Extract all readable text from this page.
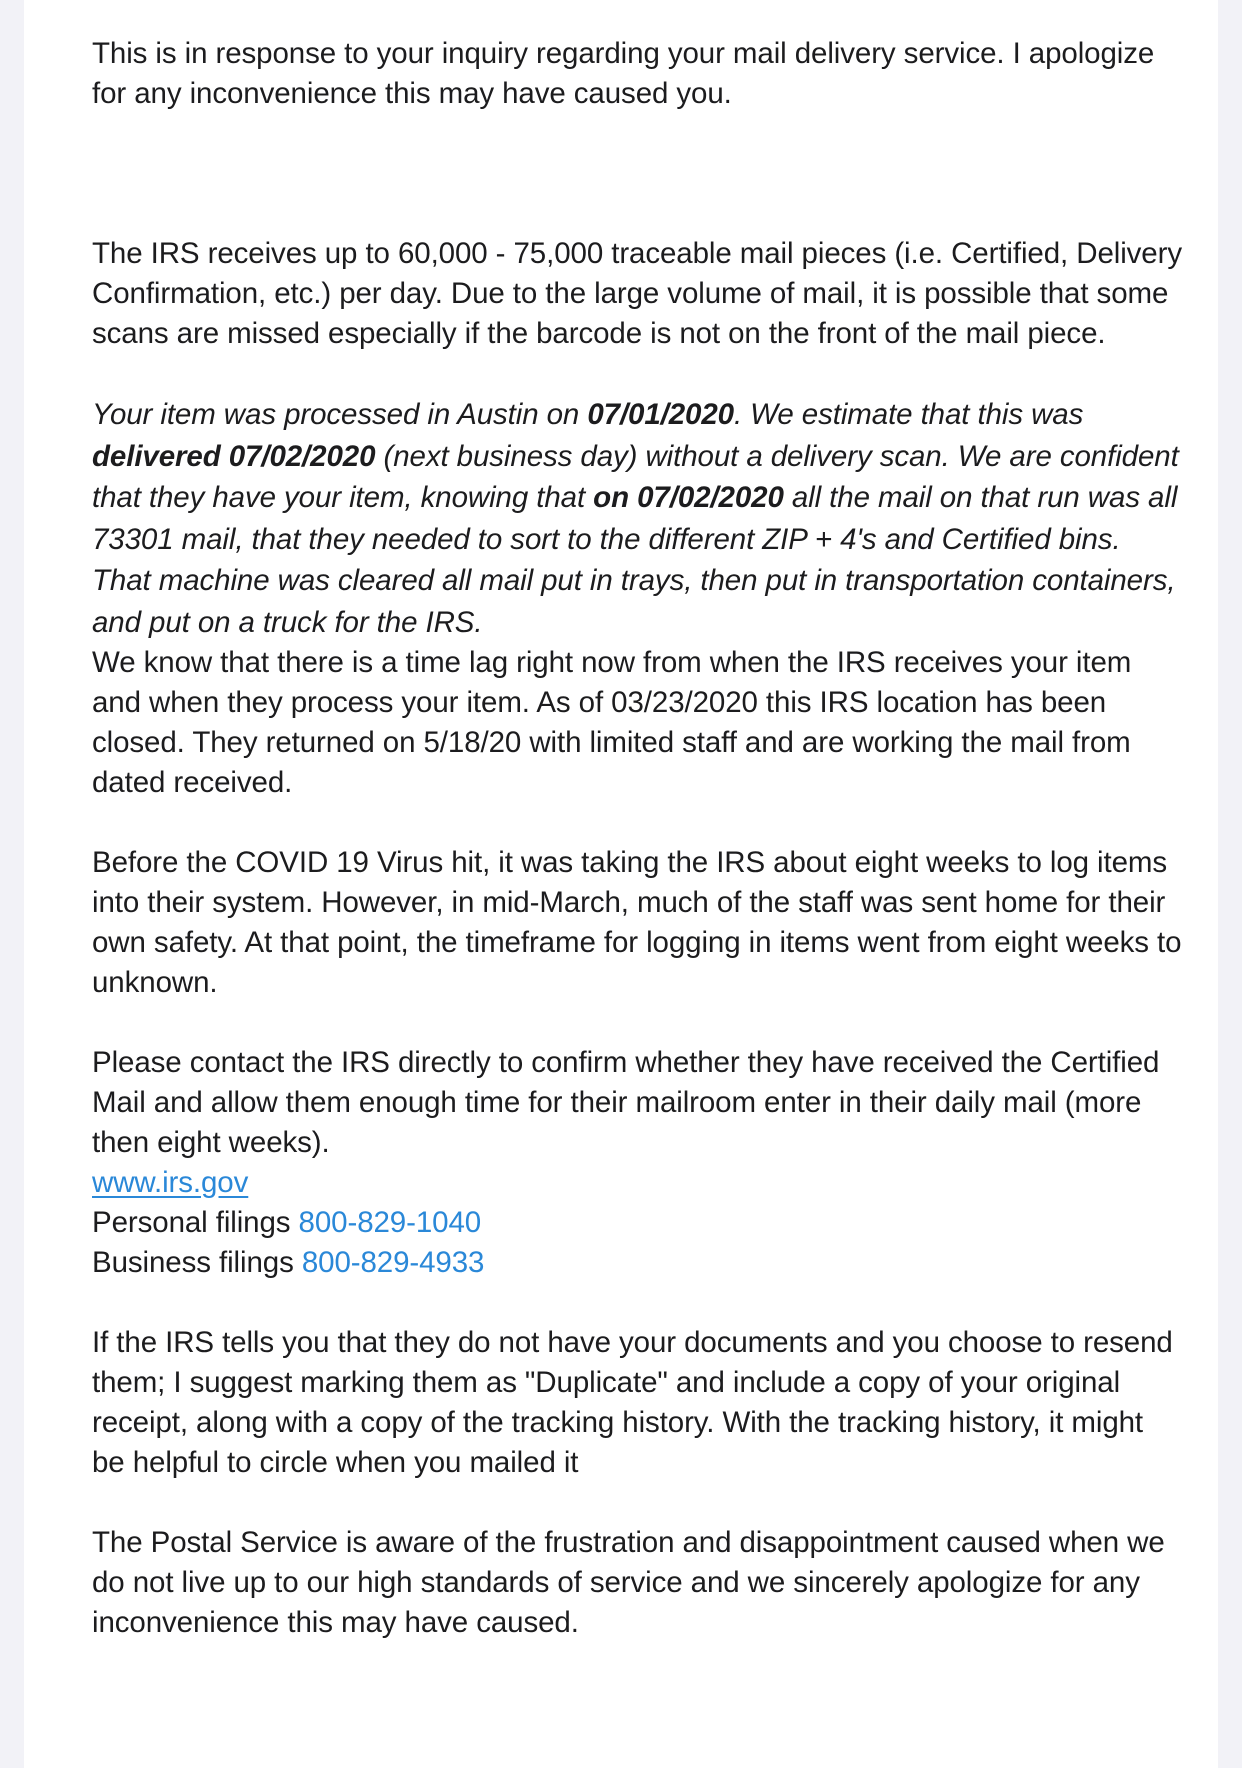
This is in response to your inquiry regarding your mail delivery service. I apologize for any inconvenience this may have caused you.

The IRS receives up to 60,000 - 75,000 traceable mail pieces (i.e. Certified, Delivery Confirmation, etc.) per day. Due to the large volume of mail, it is possible that some scans are missed especially if the barcode is not on the front of the mail piece.

Your item was processed in Austin on 07/01/2020. We estimate that this was delivered 07/02/2020 (next business day) without a delivery scan. We are confident that they have your item, knowing that on 07/02/2020 all the mail on that run was all 73301 mail, that they needed to sort to the different ZIP + 4's and Certified bins. That machine was cleared all mail put in trays, then put in transportation containers, and put on a truck for the IRS.

We know that there is a time lag right now from when the IRS receives your item and when they process your item. As of 03/23/2020 this IRS location has been closed. They returned on 5/18/20 with limited staff and are working the mail from dated received.

Before the COVID 19 Virus hit, it was taking the IRS about eight weeks to log items into their system. However, in mid-March, much of the staff was sent home for their own safety. At that point, the timeframe for logging in items went from eight weeks to unknown.

Please contact the IRS directly to confirm whether they have received the Certified Mail and allow them enough time for their mailroom enter in their daily mail (more then eight weeks).

www.irs.gov

Personal filings 800-829-1040

Business filings 800-829-4933

If the IRS tells you that they do not have your documents and you choose to resend them; I suggest marking them as "Duplicate" and include a copy of your original receipt, along with a copy of the tracking history. With the tracking history, it might be helpful to circle when you mailed it

The Postal Service is aware of the frustration and disappointment caused when we do not live up to our high standards of service and we sincerely apologize for any inconvenience this may have caused.
